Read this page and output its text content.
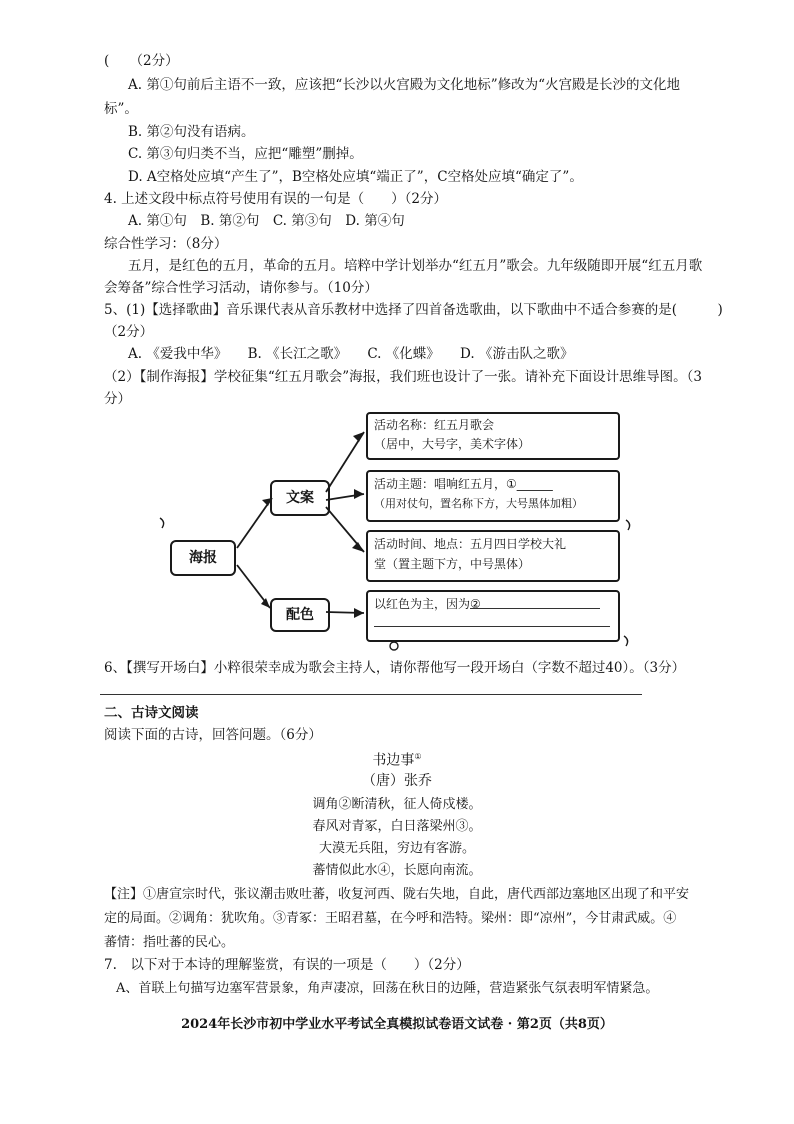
(　　（2分）
A. 第①句前后主语不一致，应该把“长沙以火宫殿为文化地标”修改为“火宫殿是长沙的文化地
标”。
B. 第②句没有语病。
C. 第③句归类不当，应把“雕塑”删掉。
D. A空格处应填“产生了”，B空格处应填“端正了”，C空格处应填“确定了”。
4. 上述文段中标点符号使用有误的一句是（　　）（2分）
A. 第①句　B. 第②句　C. 第③句　D. 第④句
综合性学习：（8分）
五月，是红色的五月，革命的五月。培粹中学计划举办“红五月”歌会。九年级随即开展“红五月歌
会筹备”综合性学习活动，请你参与。（10分）
5、(1)【选择歌曲】音乐课代表从音乐教材中选择了四首备选歌曲，以下歌曲中不适合参赛的是(　　　)
（2分）
A. 《爱我中华》　　B. 《长江之歌》　　C. 《化蝶》　　D. 《游击队之歌》
（2）【制作海报】学校征集“红五月歌会”海报，我们班也设计了一张。请补充下面设计思维导图。（3
分）
海报
文案
配色
活动名称：红五月歌会
（居中，大号字，美术字体）
活动主题：唱响红五月，①______
（用对仗句，置名称下方，大号黑体加粗）
活动时间、地点：五月四日学校大礼
堂（置主题下方，中号黑体）
以红色为主，因为②
6、【撰写开场白】小粹很荣幸成为歌会主持人，请你帮他写一段开场白（字数不超过40）。（3分）
二、古诗文阅读
阅读下面的古诗，回答问题。（6分）
书边事①
（唐）张乔
调角②断清秋，征人倚戍楼。
春风对青冢，白日落梁州③。
大漠无兵阻，穷边有客游。
蕃情似此水④，长愿向南流。
【注】①唐宣宗时代，张议潮击败吐蕃，收复河西、陇右失地，自此，唐代西部边塞地区出现了和平安
定的局面。②调角：犹吹角。③青冢：王昭君墓，在今呼和浩特。梁州：即“凉州”，今甘肃武威。④
蕃情：指吐蕃的民心。
7.　以下对于本诗的理解鉴赏，有误的一项是（　　）（2分）
A、首联上句描写边塞军营景象，角声凄凉，回荡在秋日的边陲，营造紧张气氛表明军情紧急。
2024年长沙市初中学业水平考试全真模拟试卷语文试卷 · 第2页（共8页）
